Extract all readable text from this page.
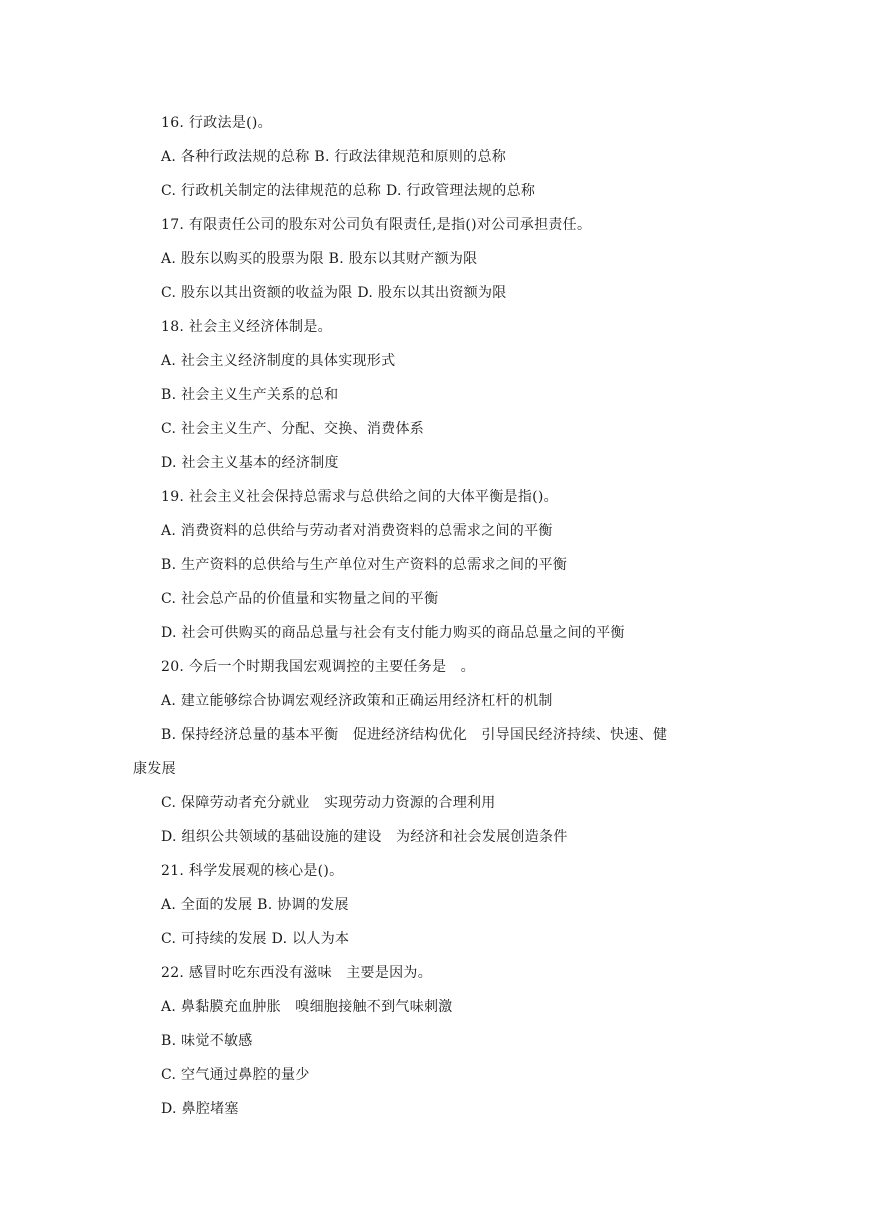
16. 行政法是()。
A. 各种行政法规的总称 B. 行政法律规范和原则的总称
C. 行政机关制定的法律规范的总称 D. 行政管理法规的总称
17. 有限责任公司的股东对公司负有限责任,是指()对公司承担责任。
A. 股东以购买的股票为限 B. 股东以其财产额为限
C. 股东以其出资额的收益为限 D. 股东以其出资额为限
18. 社会主义经济体制是。
A. 社会主义经济制度的具体实现形式
B. 社会主义生产关系的总和
C. 社会主义生产、分配、交换、消费体系
D. 社会主义基本的经济制度
19. 社会主义社会保持总需求与总供给之间的大体平衡是指()。
A. 消费资料的总供给与劳动者对消费资料的总需求之间的平衡
B. 生产资料的总供给与生产单位对生产资料的总需求之间的平衡
C. 社会总产品的价值量和实物量之间的平衡
D. 社会可供购买的商品总量与社会有支付能力购买的商品总量之间的平衡
20. 今后一个时期我国宏观调控的主要任务是　。
A. 建立能够综合协调宏观经济政策和正确运用经济杠杆的机制
B. 保持经济总量的基本平衡　促进经济结构优化　引导国民经济持续、快速、健
康发展
C. 保障劳动者充分就业　实现劳动力资源的合理利用
D. 组织公共领域的基础设施的建设　为经济和社会发展创造条件
21. 科学发展观的核心是()。
A. 全面的发展 B. 协调的发展
C. 可持续的发展 D. 以人为本
22. 感冒时吃东西没有滋味　主要是因为。
A. 鼻黏膜充血肿胀　嗅细胞接触不到气味刺激
B. 味觉不敏感
C. 空气通过鼻腔的量少
D. 鼻腔堵塞
